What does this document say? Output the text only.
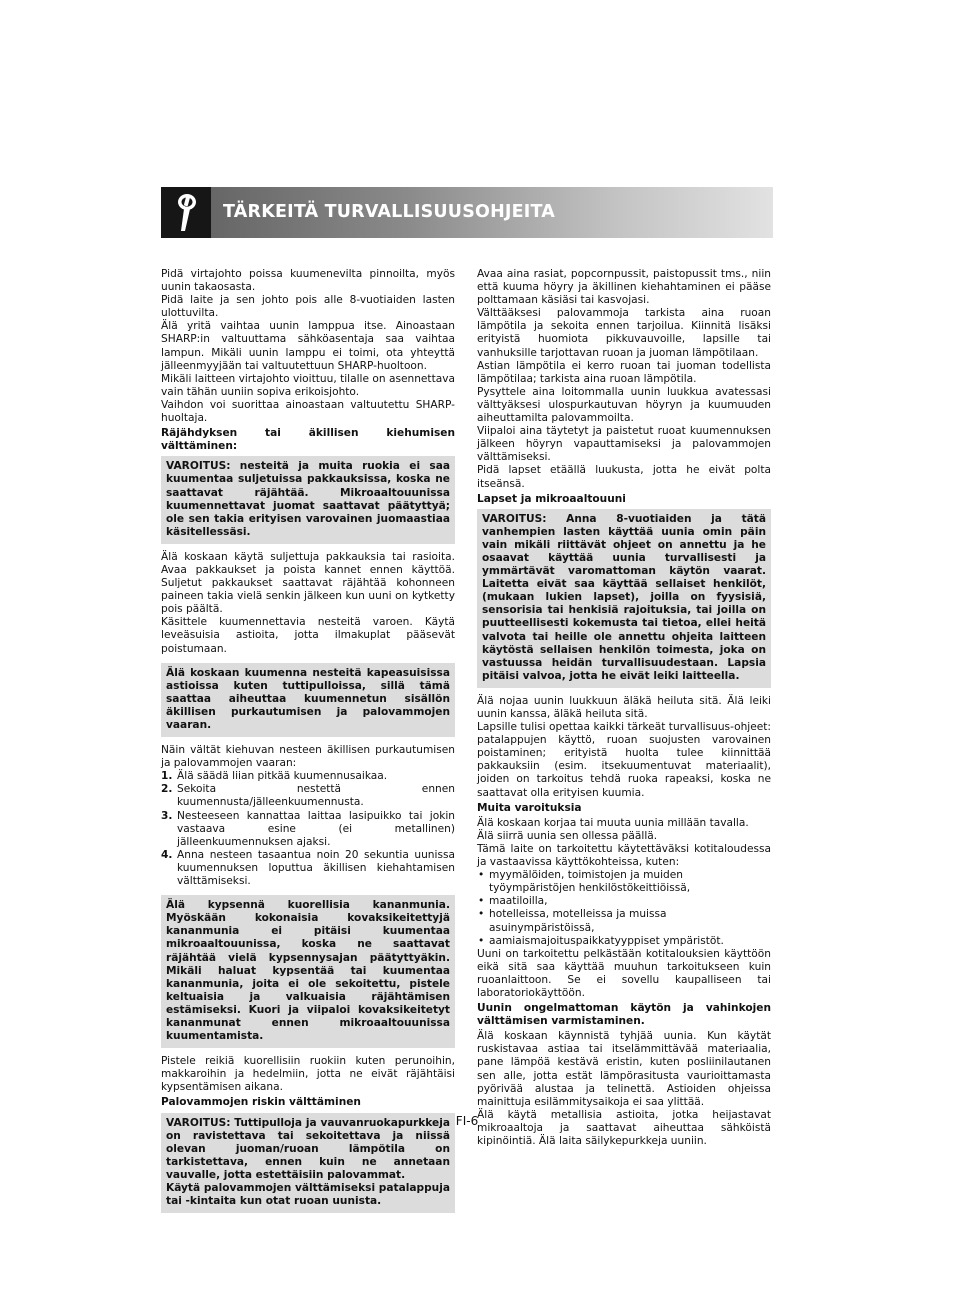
TÄRKEITÄ TURVALLISUUSOHJEITA

Pidä virtajohto poissa kuumenevilta pinnoilta, myös uunin takaosasta.

Pidä laite ja sen johto pois alle 8-vuotiaiden lasten ulottuvilta.

Älä yritä vaihtaa uunin lamppua itse. Ainoastaan SHARP:in valtuuttama sähköasentaja saa vaihtaa lampun. Mikäli uunin lamppu ei toimi, ota yhteyttä jälleenmyyjään tai valtuutettuun SHARP-huoltoon.

Mikäli laitteen virtajohto vioittuu, tilalle on asennettava vain tähän uuniin sopiva erikoisjohto.

Vaihdon voi suorittaa ainoastaan valtuutettu SHARP-huoltaja.

Räjähdyksen tai äkillisen kiehumisen välttäminen:

VAROITUS: nesteitä ja muita ruokia ei saa kuumentaa suljetuissa pakkauksissa, koska ne saattavat räjähtää. Mikroaaltouunissa kuumennettavat juomat saattavat päätyttyä; ole sen takia erityisen varovainen juomaastiaa käsitellessäsi.

Älä koskaan käytä suljettuja pakkauksia tai rasioita. Avaa pakkaukset ja poista kannet ennen käyttöä. Suljetut pakkaukset saattavat räjähtää kohonneen paineen takia vielä senkin jälkeen kun uuni on kytketty pois päältä.

Käsittele kuumennettavia nesteitä varoen. Käytä leveäsuisia astioita, jotta ilmakuplat pääsevät poistumaan.

Älä koskaan kuumenna nesteitä kapeasuisissa astioissa kuten tuttipulloissa, sillä tämä saattaa aiheuttaa kuumennetun sisällön äkillisen purkautumisen ja palovammojen vaaran.

Näin vältät kiehuvan nesteen äkillisen purkautumisen ja palovammojen vaaran:

1. Älä säädä liian pitkää kuumennusaikaa.
2. Sekoita nestettä ennen kuumennusta/jälleenkuumennusta.
3. Nesteeseen kannattaa laittaa lasipuikko tai jokin vastaava esine (ei metallinen) jälleenkuumennuksen ajaksi.
4. Anna nesteen tasaantua noin 20 sekuntia uunissa kuumennuksen loputtua äkillisen kiehahtamisen välttämiseksi.
Älä kypsennä kuorellisia kananmunia. Myöskään kokonaisia kovaksikeitettyjä kananmunia ei pitäisi kuumentaa mikroaaltouunissa, koska ne saattavat räjähtää vielä kypsennysajan päätyttyäkin. Mikäli haluat kypsentää tai kuumentaa kananmunia, joita ei ole sekoitettu, pistele keltuaisia ja valkuaisia räjähtämisen estämiseksi. Kuori ja viipaloi kovaksikeitetyt kananmunat ennen mikroaaltouunissa kuumentamista.

Pistele reikiä kuorellisiin ruokiin kuten perunoihin, makkaroihin ja hedelmiin, jotta ne eivät räjähtäisi kypsentämisen aikana.

Palovammojen riskin välttäminen

VAROITUS: Tuttipulloja ja vauvanruokapurkkeja on ravistettava tai sekoitettava ja niissä olevan juoman/ruoan lämpötila on tarkistettava, ennen kuin ne annetaan vauvalle, jotta estettäisiin palovammat.
Käytä palovammojen välttämiseksi patalappuja tai -kintaita kun otat ruoan uunista.

Avaa aina rasiat, popcornpussit, paistopussit tms., niin että kuuma höyry ja äkillinen kiehahtaminen ei pääse polttamaan käsiäsi tai kasvojasi.

Välttääksesi palovammoja tarkista aina ruoan lämpötila ja sekoita ennen tarjoilua. Kiinnitä lisäksi erityistä huomiota pikkuvauvoille, lapsille tai vanhuksille tarjottavan ruoan ja juoman lämpötilaan.

Astian lämpötila ei kerro ruoan tai juoman todellista lämpötilaa; tarkista aina ruoan lämpötila.

Pysyttele aina loitommalla uunin luukkua avatessasi välttyäksesi ulospurkautuvan höyryn ja kuumuuden aiheuttamilta palovammoilta.

Viipaloi aina täytetyt ja paistetut ruoat kuumennuksen jälkeen höyryn vapauttamiseksi ja palovammojen välttämiseksi.

Pidä lapset etäällä luukusta, jotta he eivät polta itseänsä.

Lapset ja mikroaaltouuni

VAROITUS: Anna 8-vuotiaiden ja tätä vanhempien lasten käyttää uunia omin päin vain mikäli riittävät ohjeet on annettu ja he osaavat käyttää uunia turvallisesti ja ymmärtävät varomattoman käytön vaarat. Laitetta eivät saa käyttää sellaiset henkilöt, (mukaan lukien lapset), joilla on fyysisiä, sensorisia tai henkisiä rajoituksia, tai joilla on puutteellisesti kokemusta tai tietoa, ellei heitä valvota tai heille ole annettu ohjeita laitteen käytöstä sellaisen henkilön toimesta, joka on vastuussa heidän turvallisuudestaan. Lapsia pitäisi valvoa, jotta he eivät leiki laitteella.

Älä nojaa uunin luukkuun äläkä heiluta sitä. Älä leiki uunin kanssa, äläkä heiluta sitä.

Lapsille tulisi opettaa kaikki tärkeät turvallisuus-ohjeet: patalappujen käyttö, ruoan suojusten varovainen poistaminen; erityistä huolta tulee kiinnittää pakkauksiin (esim. itsekuumentuvat materiaalit), joiden on tarkoitus tehdä ruoka rapeaksi, koska ne saattavat olla erityisen kuumia.

Muita varoituksia

Älä koskaan korjaa tai muuta uunia millään tavalla.

Älä siirrä uunia sen ollessa päällä.

Tämä laite on tarkoitettu käytettäväksi kotitaloudessa ja vastaavissa käyttökohteissa, kuten:

• myymälöiden, toimistojen ja muiden työympäristöjen henkilöstökeittiöissä,
• maatiloilla,
• hotelleissa, motelleissa ja muissa asuinympäristöissä,
• aamiaismajoituspaikkatyyppiset ympäristöt.

Uuni on tarkoitettu pelkästään kotitalouksien käyttöön eikä sitä saa käyttää muuhun tarkoitukseen kuin ruoanlaittoon. Se ei sovellu kaupalliseen tai laboratoriokäyttöön.

Uunin ongelmattoman käytön ja vahinkojen välttämisen varmistaminen.

Älä koskaan käynnistä tyhjää uunia. Kun käytät ruskistavaa astiaa tai itselämmittävää materiaalia, pane lämpöä kestävä eristin, kuten posliinilautanen sen alle, jotta estät lämpörasitusta vaurioittamasta pyörivää alustaa ja telinettä. Astioiden ohjeissa mainittuja esilämmitysaikoja ei saa ylittää.

Älä käytä metallisia astioita, jotka heijastavat mikroaaltoja ja saattavat aiheuttaa sähköistä kipinöintiä. Älä laita säilykepurkkeja uuniin.

FI-6
